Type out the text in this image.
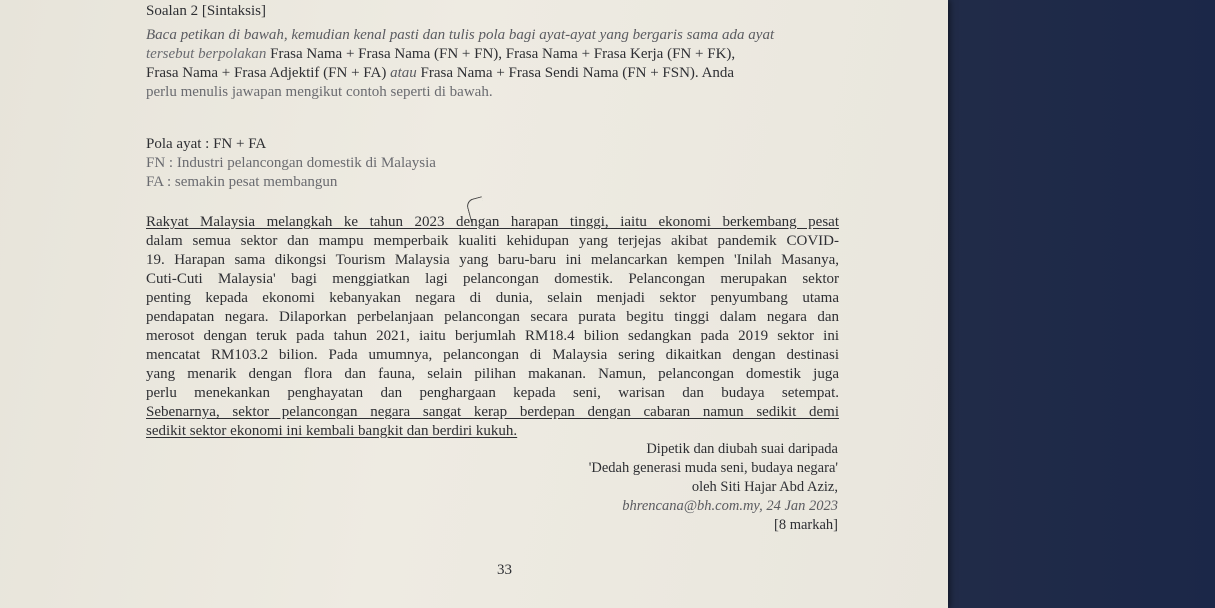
Soalan 2 [Sintaksis]
Baca petikan di bawah, kemudian kenal pasti dan tulis pola bagi ayat-ayat yang bergaris sama ada ayat
tersebut berpolakan Frasa Nama + Frasa Nama (FN + FN), Frasa Nama + Frasa Kerja (FN + FK),
Frasa Nama + Frasa Adjektif (FN + FA) atau Frasa Nama + Frasa Sendi Nama (FN + FSN). Anda
perlu menulis jawapan mengikut contoh seperti di bawah.
Pola ayat : FN + FA
FN : Industri pelancongan domestik di Malaysia
FA : semakin pesat membangun
Rakyat Malaysia melangkah ke tahun 2023 dengan harapan tinggi, iaitu ekonomi berkembang pesat
dalam semua sektor dan mampu memperbaik kualiti kehidupan yang terjejas akibat pandemik COVID-
19. Harapan sama dikongsi Tourism Malaysia yang baru-baru ini melancarkan kempen 'Inilah Masanya,
Cuti-Cuti Malaysia' bagi menggiatkan lagi pelancongan domestik. Pelancongan merupakan sektor
penting kepada ekonomi kebanyakan negara di dunia, selain menjadi sektor penyumbang utama
pendapatan negara. Dilaporkan perbelanjaan pelancongan secara purata begitu tinggi dalam negara dan
merosot dengan teruk pada tahun 2021, iaitu berjumlah RM18.4 bilion sedangkan pada 2019 sektor ini
mencatat RM103.2 bilion. Pada umumnya, pelancongan di Malaysia sering dikaitkan dengan destinasi
yang menarik dengan flora dan fauna, selain pilihan makanan. Namun, pelancongan domestik juga
perlu menekankan penghayatan dan penghargaan kepada seni, warisan dan budaya setempat.
Sebenarnya, sektor pelancongan negara sangat kerap berdepan dengan cabaran namun sedikit demi
sedikit sektor ekonomi ini kembali bangkit dan berdiri kukuh.
Dipetik dan diubah suai daripada
'Dedah generasi muda seni, budaya negara'
oleh Siti Hajar Abd Aziz,
bhrencana@bh.com.my, 24 Jan 2023
[8 markah]
33
